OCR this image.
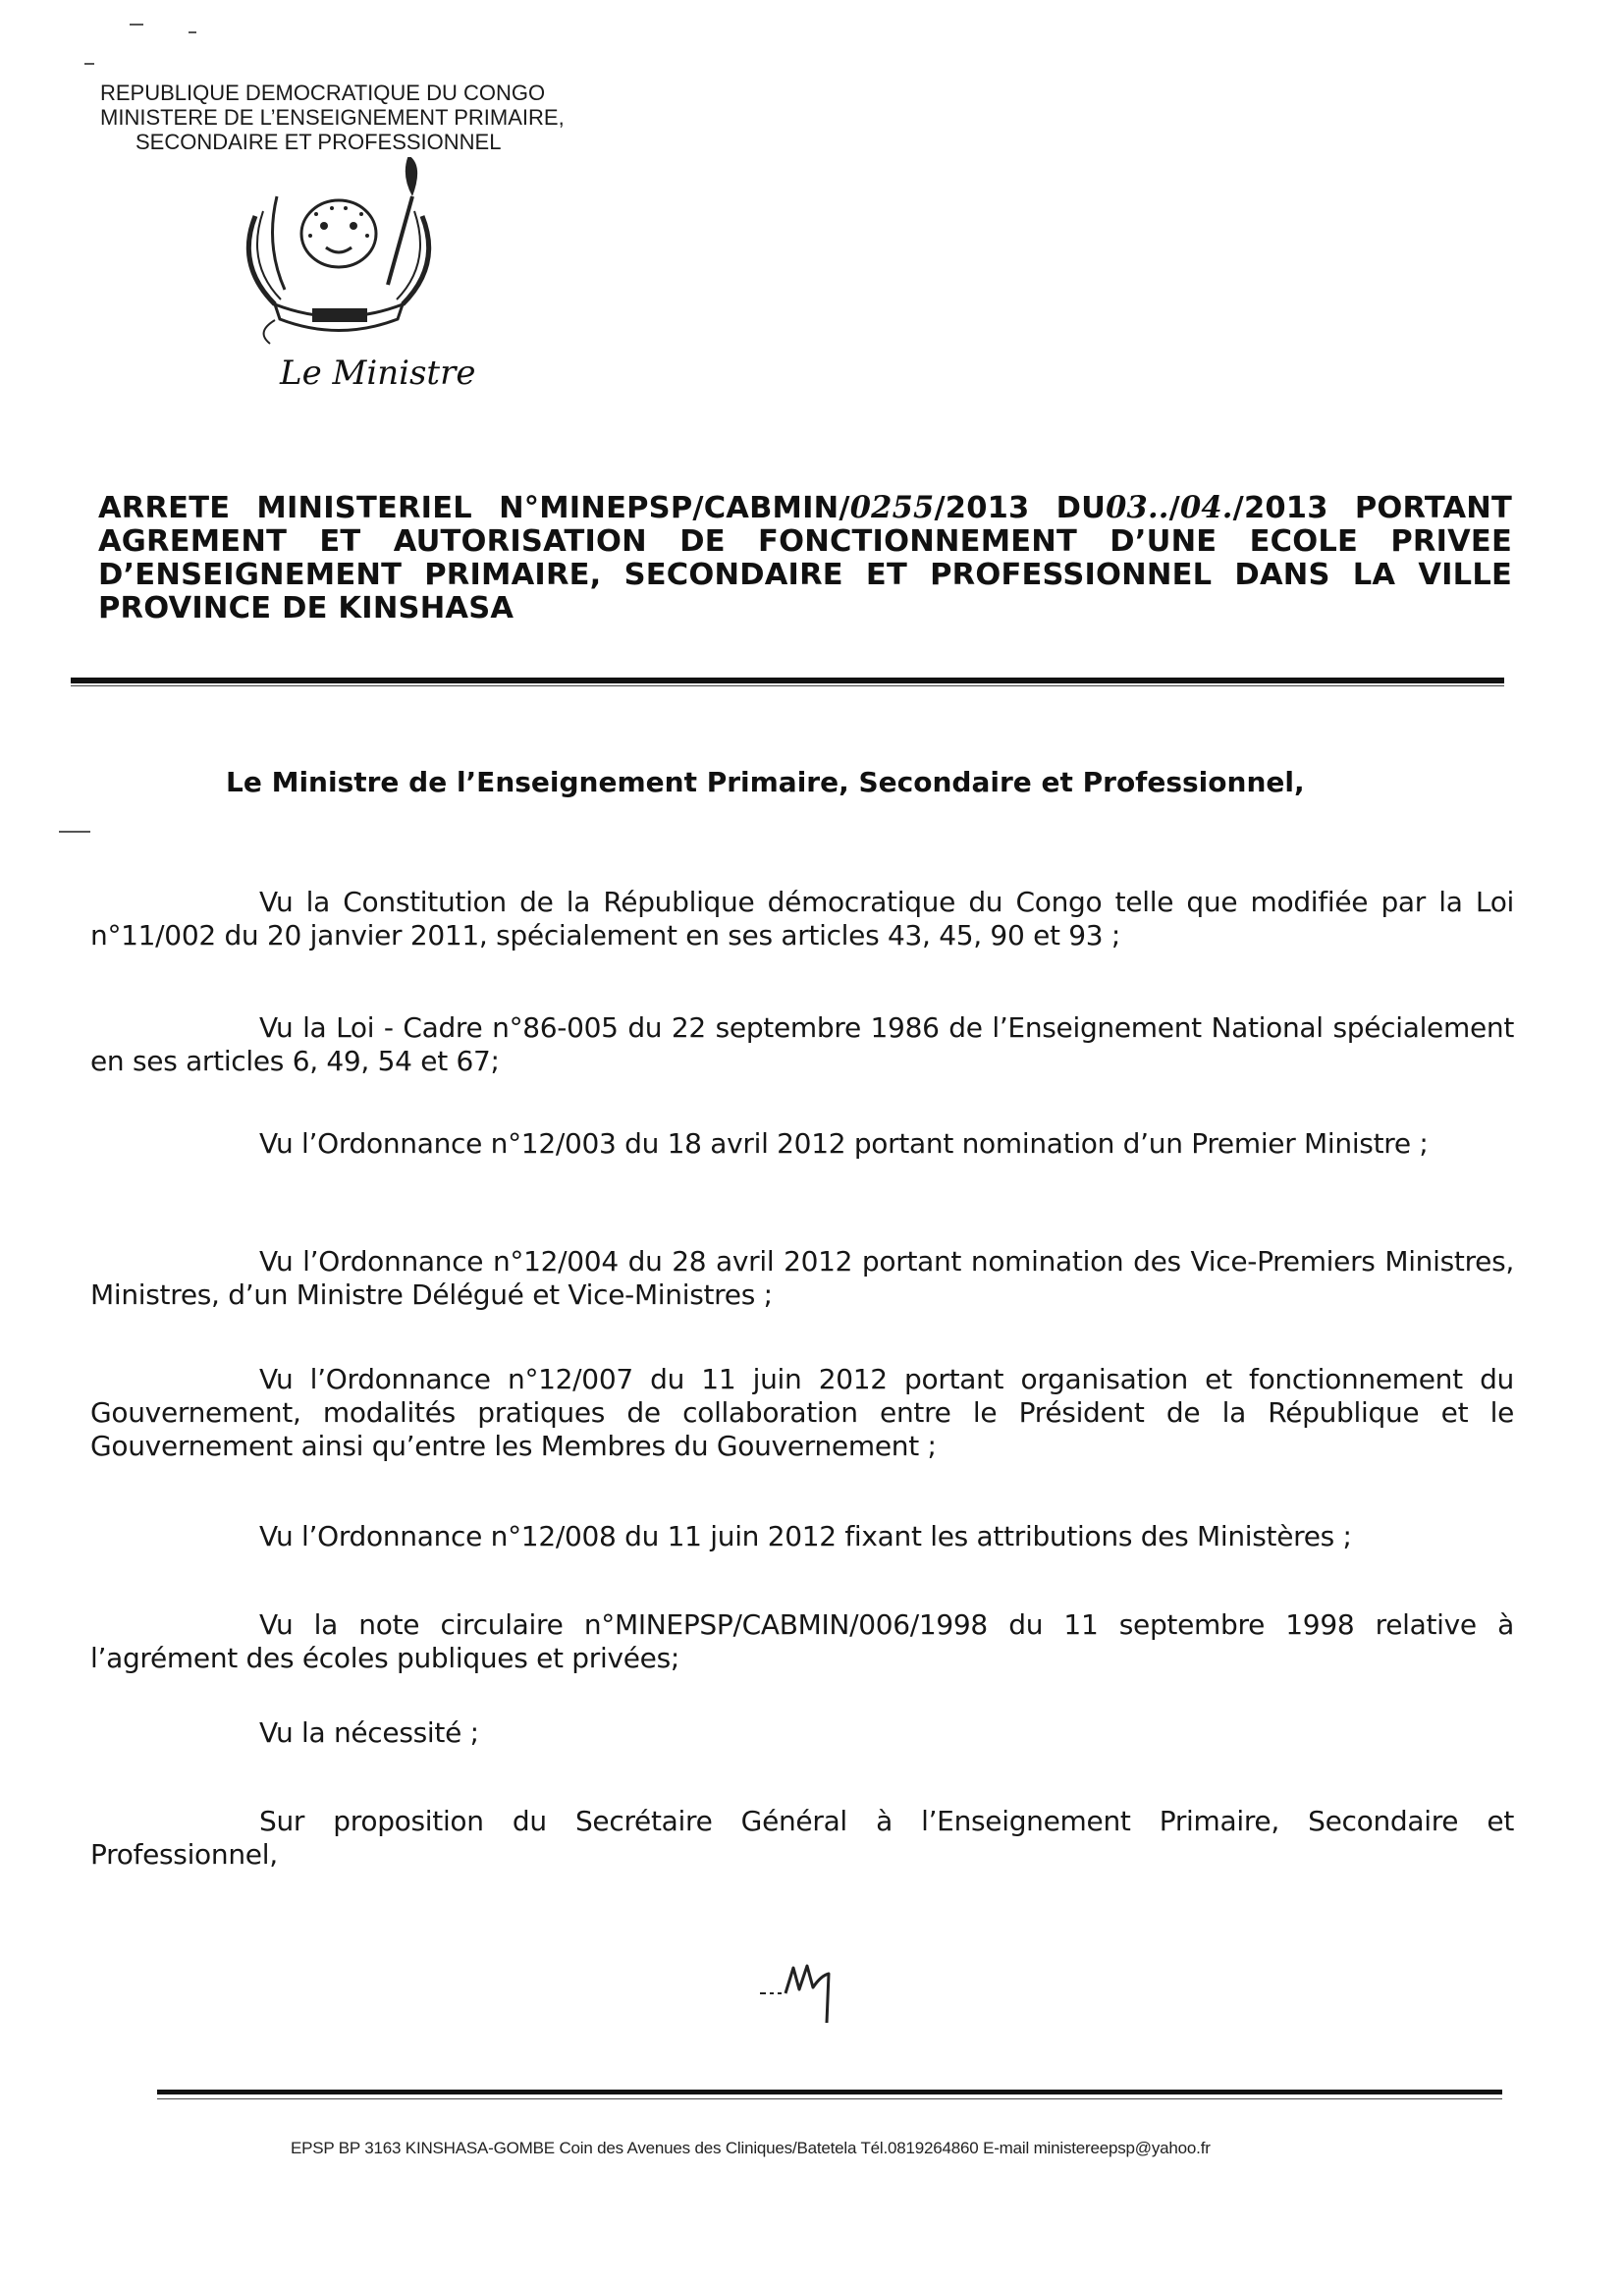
REPUBLIQUE DEMOCRATIQUE DU CONGO
MINISTERE DE L’ENSEIGNEMENT PRIMAIRE,
SECONDAIRE ET PROFESSIONNEL
Le Ministre
ARRETE MINISTERIEL N°MINEPSP/CABMIN/0255/2013 DU03../04./2013 PORTANT AGREMENT ET AUTORISATION DE FONCTIONNEMENT D’UNE ECOLE PRIVEE D’ENSEIGNEMENT PRIMAIRE, SECONDAIRE ET PROFESSIONNEL DANS LA VILLE PROVINCE DE KINSHASA
Le Ministre de l’Enseignement Primaire, Secondaire et Professionnel,
Vu la Constitution de la République démocratique du Congo telle que modifiée par la Loi n°11/002 du 20 janvier 2011, spécialement en ses articles 43, 45, 90 et 93 ;
Vu la Loi - Cadre n°86-005 du 22 septembre 1986 de l’Enseignement National spécialement en ses articles 6, 49, 54 et 67;
Vu l’Ordonnance n°12/003 du 18 avril 2012 portant nomination d’un Premier Ministre ;
Vu l’Ordonnance n°12/004 du 28 avril 2012 portant nomination des Vice-Premiers Ministres, Ministres, d’un Ministre Délégué et Vice-Ministres ;
Vu l’Ordonnance n°12/007 du 11 juin 2012 portant organisation et fonctionnement du Gouvernement, modalités pratiques de collaboration entre le Président de la République et le Gouvernement ainsi qu’entre les Membres du Gouvernement ;
Vu l’Ordonnance n°12/008 du 11 juin 2012 fixant les attributions des Ministères ;
Vu la note circulaire n°MINEPSP/CABMIN/006/1998 du 11 septembre 1998 relative à l’agrément des écoles publiques et privées;
Vu la nécessité ;
Sur proposition du Secrétaire Général à l’Enseignement Primaire, Secondaire et Professionnel,
EPSP BP 3163 KINSHASA-GOMBE Coin des Avenues des Cliniques/Batetela Tél.0819264860 E-mail ministereepsp@yahoo.fr
